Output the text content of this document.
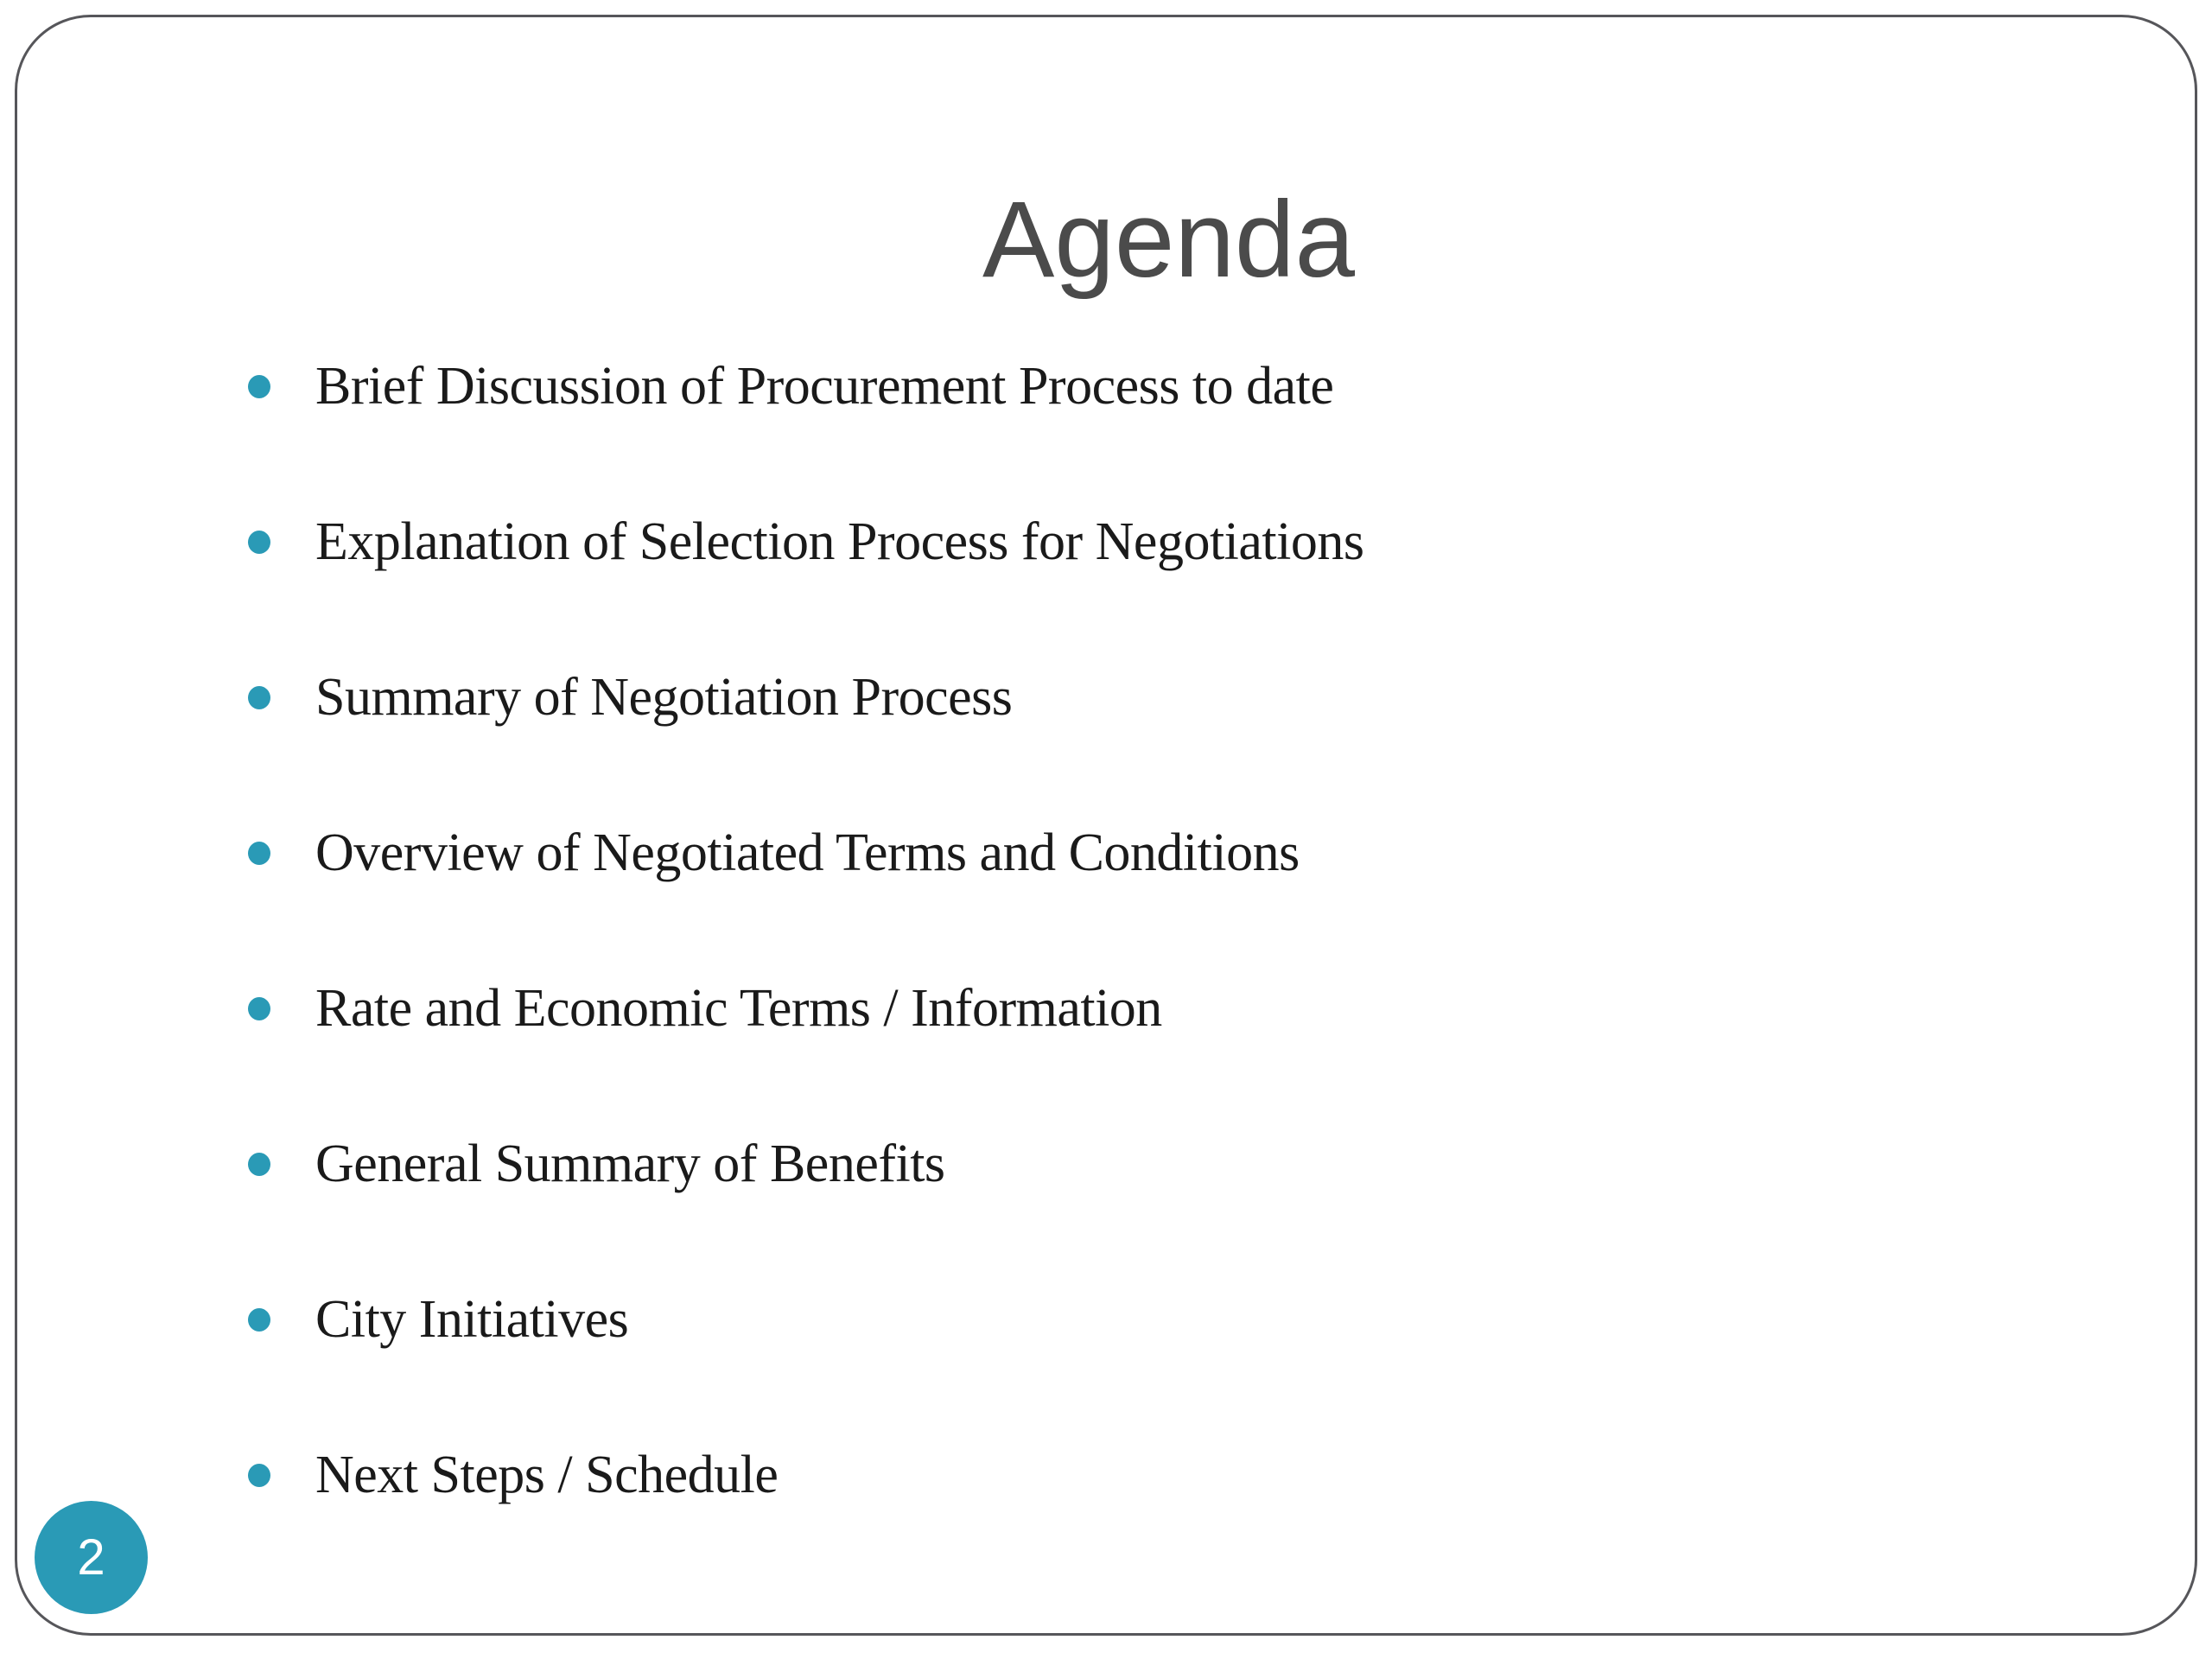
Agenda
Brief Discussion of Procurement Process to date
Explanation of Selection Process for Negotiations
Summary of Negotiation Process
Overview of Negotiated Terms and Conditions
Rate and Economic Terms / Information
General Summary of Benefits
City Initiatives
Next Steps / Schedule
2
